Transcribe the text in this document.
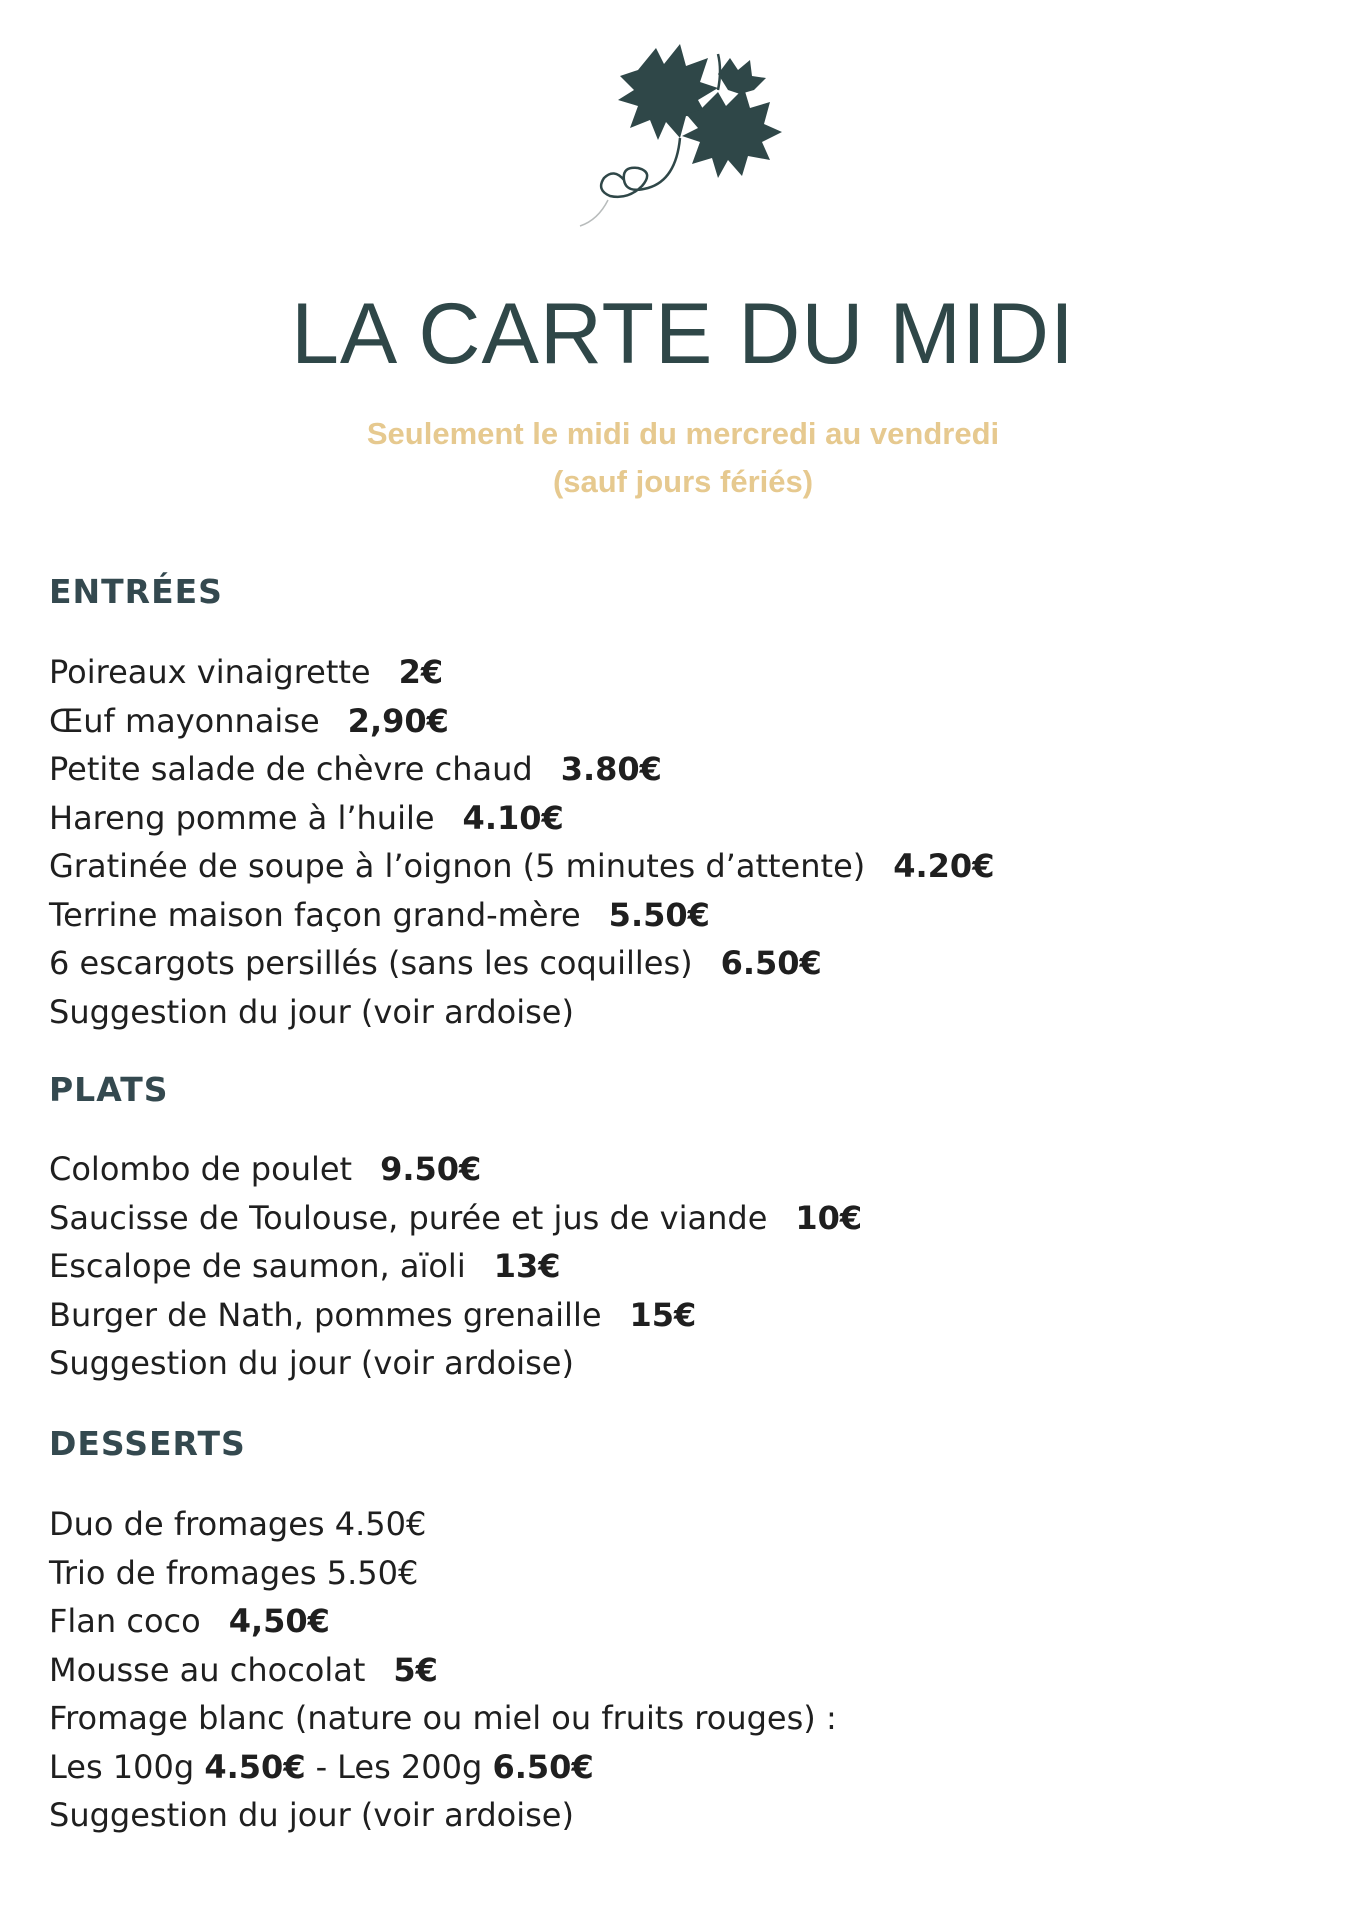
LA CARTE DU MIDI
Seulement le midi du mercredi au vendredi
(sauf jours fériés)
ENTRÉES
Poireaux vinaigrette 2€
Œuf mayonnaise 2,90€
Petite salade de chèvre chaud 3.80€
Hareng pomme à l’huile 4.10€
Gratinée de soupe à l’oignon (5 minutes d’attente) 4.20€
Terrine maison façon grand-mère 5.50€
6 escargots persillés (sans les coquilles) 6.50€
Suggestion du jour (voir ardoise)
PLATS
Colombo de poulet 9.50€
Saucisse de Toulouse, purée et jus de viande 10€
Escalope de saumon, aïoli 13€
Burger de Nath, pommes grenaille 15€
Suggestion du jour (voir ardoise)
DESSERTS
Duo de fromages 4.50€
Trio de fromages 5.50€
Flan coco 4,50€
Mousse au chocolat 5€
Fromage blanc (nature ou miel ou fruits rouges) :
Les 100g 4.50€ - Les 200g 6.50€
Suggestion du jour (voir ardoise)
